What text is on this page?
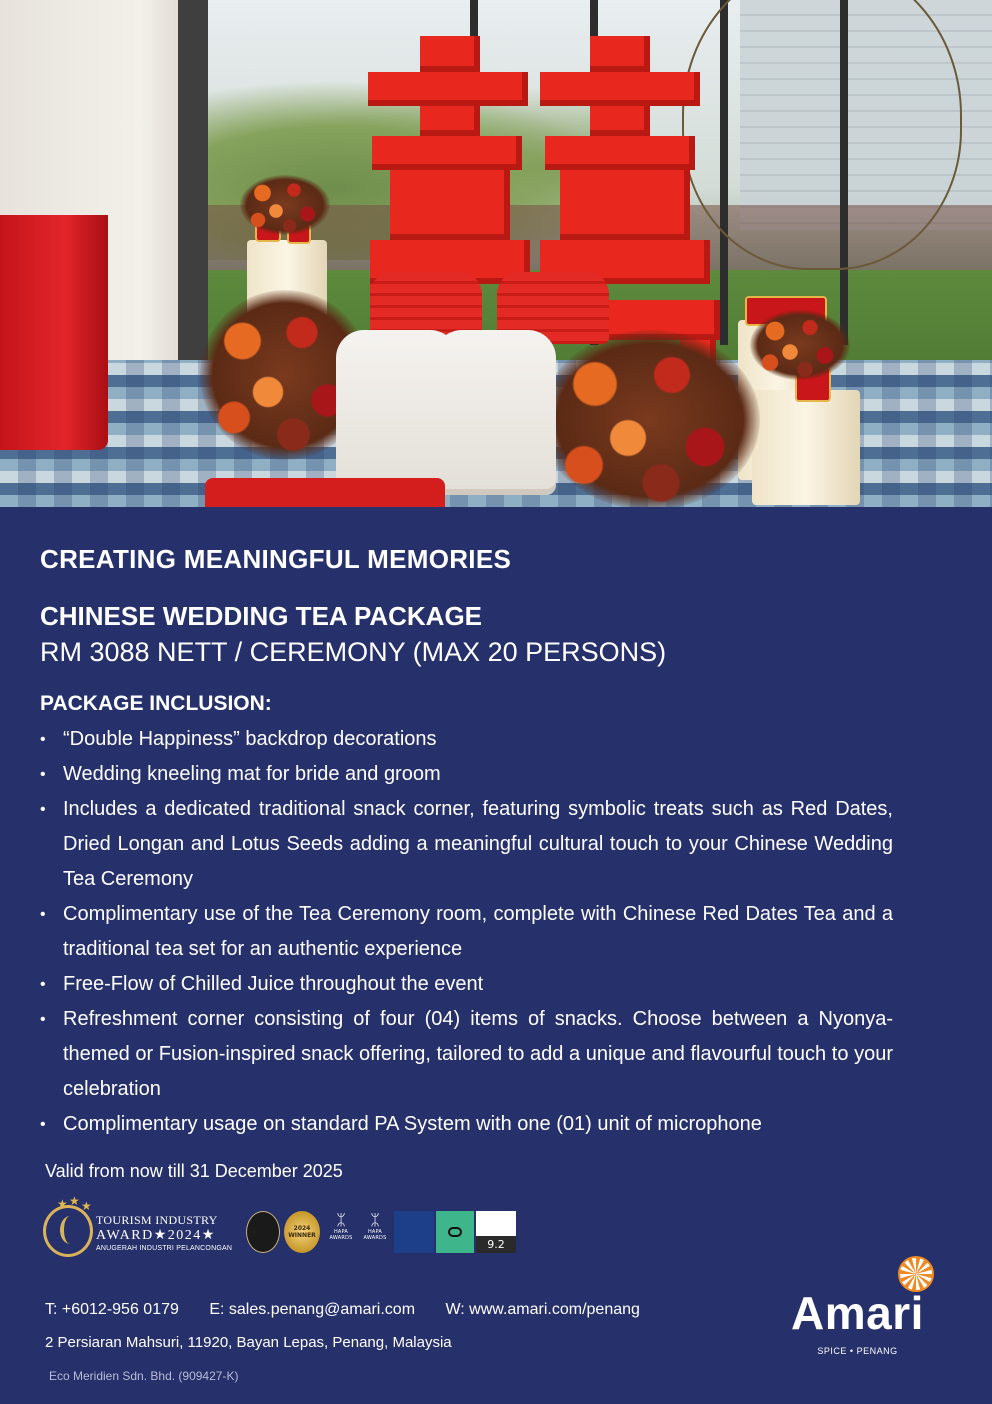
CREATING MEANINGFUL MEMORIES
CHINESE WEDDING TEA PACKAGE
RM 3088 NETT / CEREMONY (MAX 20 PERSONS)
PACKAGE INCLUSION:
• “Double Happiness” backdrop decorations
• Wedding kneeling mat for bride and groom
• Includes a dedicated traditional snack corner, featuring symbolic treats such as Red Dates, Dried Longan and Lotus Seeds adding a meaningful cultural touch to your Chinese Wedding Tea Ceremony
• Complimentary use of the Tea Ceremony room, complete with Chinese Red Dates Tea and a traditional tea set for an authentic experience
• Free-Flow of Chilled Juice throughout the event
• Refreshment corner consisting of four (04) items of snacks. Choose between a Nyonya-themed or Fusion-inspired snack offering, tailored to add a unique and flavourful touch to your celebration
• Complimentary usage on standard PA System with one (01) unit of microphone
Valid from now till 31 December 2025
★ ★ ★
TOURISM INDUSTRY
AWARD★2024★
ANUGERAH INDUSTRI PELANCONGAN
2024 WINNER
ᛯ
HAPA AWARDS
ᛯ
HAPA AWARDS	9.2
T: +6012-956 0179 E: sales.penang@amari.com W: www.amari.com/penang
2 Persiaran Mahsuri, 11920, Bayan Lepas, Penang, Malaysia
Eco Meridien Sdn. Bhd. (909427-K)
Amari
SPICE • PENANG
